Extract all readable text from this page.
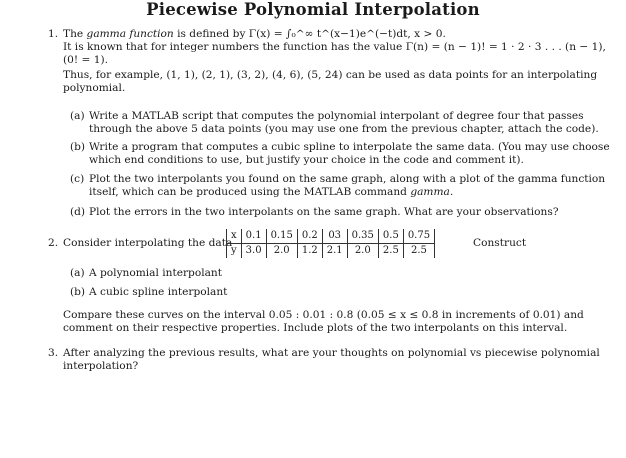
Piecewise Polynomial Interpolation
1. The gamma function is defined by Γ(x) = ∫₀^∞ t^(x−1)e^(−t)dt, x > 0.
It is known that for integer numbers the function has the value Γ(n) = (n − 1)! = 1 · 2 · 3 . . . (n − 1),
(0! = 1).
Thus, for example, (1, 1), (2, 1), (3, 2), (4, 6), (5, 24) can be used as data points for an interpolating
polynomial.
(a) Write a MATLAB script that computes the polynomial interpolant of degree four that passes
through the above 5 data points (you may use one from the previous chapter, attach the code).
(b) Write a program that computes a cubic spline to interpolate the same data. (You may use choose
which end conditions to use, but justify your choice in the code and comment it).
(c) Plot the two interpolants you found on the same graph, along with a plot of the gamma function
itself, which can be produced using the MATLAB command gamma.
(d) Plot the errors in the two interpolants on the same graph. What are your observations?
2. Consider interpolating the data
x	0.1	0.15	0.2	03	0.35	0.5	0.75
y	3.0	2.0	1.2	2.1	2.0	2.5	2.5
Construct
(a) A polynomial interpolant
(b) A cubic spline interpolant
Compare these curves on the interval 0.05 : 0.01 : 0.8 (0.05 ≤ x ≤ 0.8 in increments of 0.01) and
comment on their respective properties. Include plots of the two interpolants on this interval.
3. After analyzing the previous results, what are your thoughts on polynomial vs piecewise polynomial
interpolation?
